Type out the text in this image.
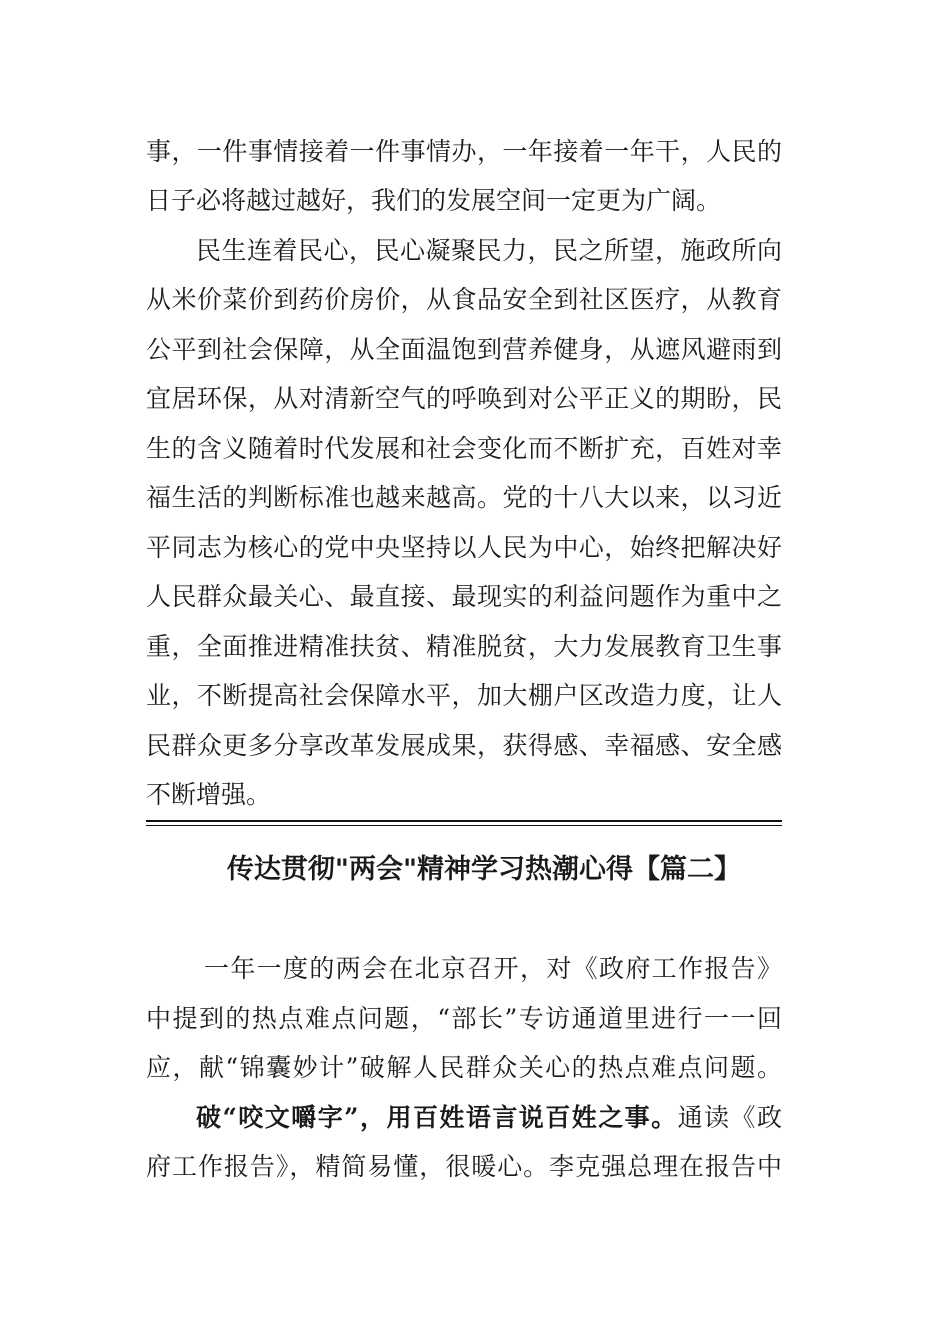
事，一件事情接着一件事情办，一年接着一年干，人民的
日子必将越过越好，我们的发展空间一定更为广阔。
民生连着民心，民心凝聚民力，民之所望，施政所向
从米价菜价到药价房价，从食品安全到社区医疗，从教育
公平到社会保障，从全面温饱到营养健身，从遮风避雨到
宜居环保，从对清新空气的呼唤到对公平正义的期盼，民
生的含义随着时代发展和社会变化而不断扩充，百姓对幸
福生活的判断标准也越来越高。党的十八大以来，以习近
平同志为核心的党中央坚持以人民为中心，始终把解决好
人民群众最关心、最直接、最现实的利益问题作为重中之
重，全面推进精准扶贫、精准脱贫，大力发展教育卫生事
业，不断提高社会保障水平，加大棚户区改造力度，让人
民群众更多分享改革发展成果，获得感、幸福感、安全感
不断增强。
传达贯彻"两会"精神学习热潮心得【篇二】
一年一度的两会在北京召开，对《政府工作报告》
中提到的热点难点问题，“部长”专访通道里进行一一回
应，献“锦囊妙计”破解人民群众关心的热点难点问题。
破“咬文嚼字”，用百姓语言说百姓之事。通读《政
府工作报告》，精简易懂，很暖心。李克强总理在报告中
